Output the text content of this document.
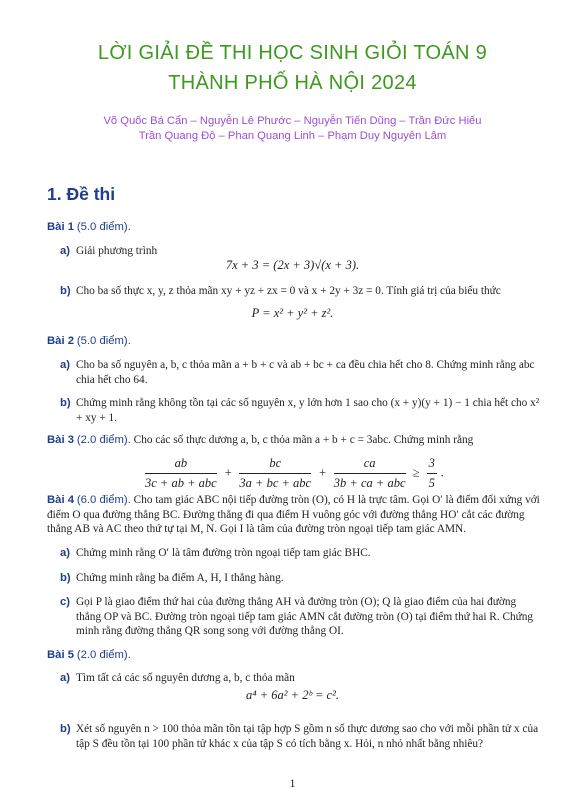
LỜI GIẢI ĐỀ THI HỌC SINH GIỎI TOÁN 9
THÀNH PHỐ HÀ NỘI 2024
Võ Quốc Bá Cẩn – Nguyễn Lê Phước – Nguyễn Tiến Dũng – Trần Đức Hiếu
Trần Quang Độ – Phan Quang Linh – Phạm Duy Nguyên Lâm
1. Đề thi
Bài 1 (5.0 điểm).
a) Giải phương trình
7x + 3 = (2x + 3)√(x + 3).
b) Cho ba số thực x, y, z thỏa mãn xy + yz + zx = 0 và x + 2y + 3z = 0. Tính giá trị của biểu thức
P = x² + y² + z².
Bài 2 (5.0 điểm).
a) Cho ba số nguyên a, b, c thỏa mãn a + b + c và ab + bc + ca đều chia hết cho 8. Chứng minh rằng abc chia hết cho 64.
b) Chứng minh rằng không tồn tại các số nguyên x, y lớn hơn 1 sao cho (x + y)(y + 1) − 1 chia hết cho x² + xy + 1.
Bài 3 (2.0 điểm). Cho các số thực dương a, b, c thỏa mãn a + b + c = 3abc. Chứng minh rằng
$\frac{ab}{\text{3c + ab + abc}} + \frac{bc}{\text{3a + bc + abc}} + \frac{ca}{\text{3b + ca + abc}} \ge \frac{3}{5}$ .
Bài 4 (6.0 điểm). Cho tam giác ABC nội tiếp đường tròn (O), có H là trực tâm. Gọi O′ là điểm đối xứng với điểm O qua đường thẳng BC. Đường thẳng đi qua điểm H vuông góc với đường thẳng HO′ cắt các đường thẳng AB và AC theo thứ tự tại M, N. Gọi I là tâm của đường tròn ngoại tiếp tam giác AMN.
a) Chứng minh rằng O′ là tâm đường tròn ngoại tiếp tam giác BHC.
b) Chứng minh rằng ba điểm A, H, I thẳng hàng.
c) Gọi P là giao điểm thứ hai của đường thẳng AH và đường tròn (O); Q là giao điểm của hai đường thẳng OP và BC. Đường tròn ngoại tiếp tam giác AMN cắt đường tròn (O) tại điểm thứ hai R. Chứng minh rằng đường thẳng QR song song với đường thẳng OI.
Bài 5 (2.0 điểm).
a) Tìm tất cả các số nguyên dương a, b, c thỏa mãn
a⁴ + 6a² + 2ᵇ = c².
b) Xét số nguyên n > 100 thỏa mãn tồn tại tập hợp S gồm n số thực dương sao cho với mỗi phần tử x của tập S đều tồn tại 100 phần tử khác x của tập S có tích bằng x. Hỏi, n nhỏ nhất bằng nhiêu?
1
